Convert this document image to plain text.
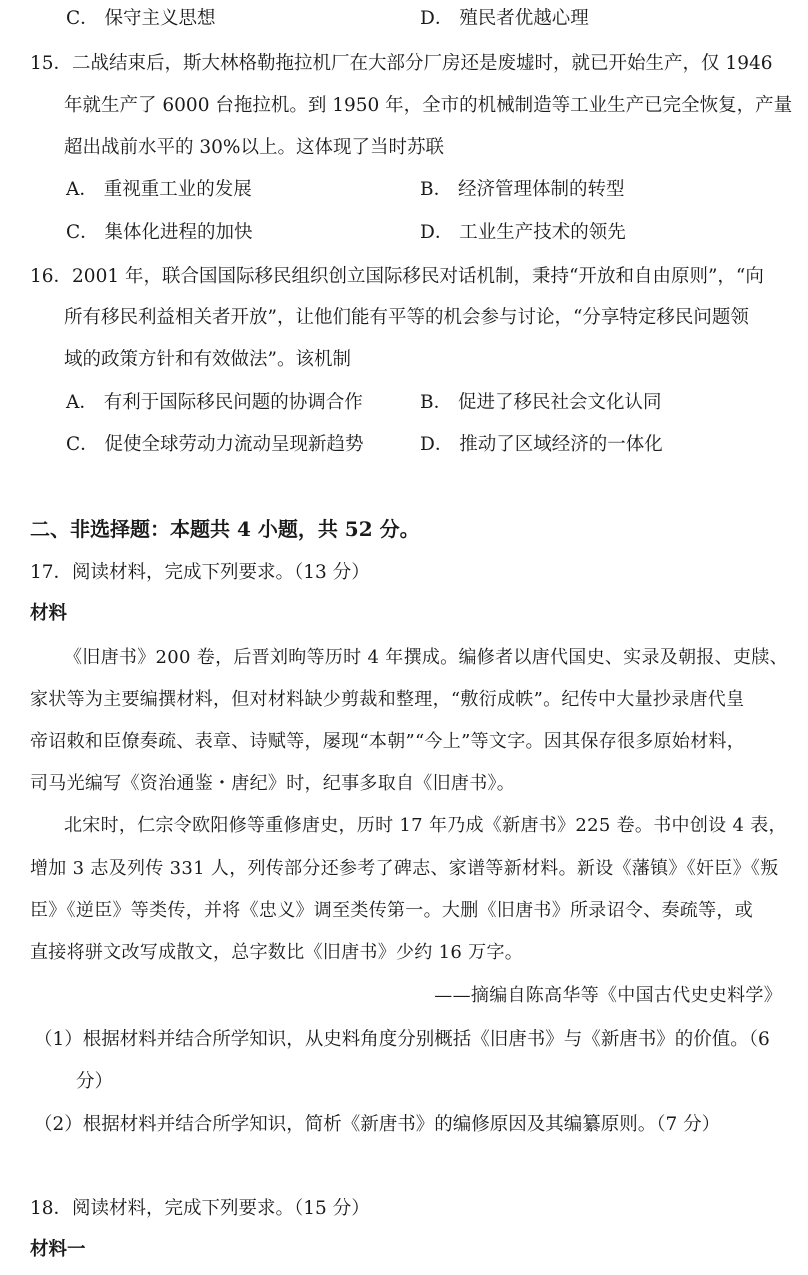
C． 保守主义思想	D． 殖民者优越心理
15．二战结束后，斯大林格勒拖拉机厂在大部分厂房还是废墟时，就已开始生产，仅 1946
年就生产了 6000 台拖拉机。到 1950 年，全市的机械制造等工业生产已完全恢复，产量
超出战前水平的 30%以上。这体现了当时苏联
A． 重视重工业的发展	B． 经济管理体制的转型
C． 集体化进程的加快	D． 工业生产技术的领先
16．2001 年，联合国国际移民组织创立国际移民对话机制，秉持“开放和自由原则”，“向
所有移民利益相关者开放”，让他们能有平等的机会参与讨论，“分享特定移民问题领
域的政策方针和有效做法”。该机制
A． 有利于国际移民问题的协调合作	B． 促进了移民社会文化认同
C． 促使全球劳动力流动呈现新趋势	D． 推动了区域经济的一体化
二、非选择题：本题共 4 小题，共 52 分。
17．阅读材料，完成下列要求。（13 分）
材料
《旧唐书》200 卷，后晋刘昫等历时 4 年撰成。编修者以唐代国史、实录及朝报、吏牍、
家状等为主要编撰材料，但对材料缺少剪裁和整理，“敷衍成帙”。纪传中大量抄录唐代皇
帝诏敕和臣僚奏疏、表章、诗赋等，屡现“本朝”“今上”等文字。因其保存很多原始材料，
司马光编写《资治通鉴・唐纪》时，纪事多取自《旧唐书》。
北宋时，仁宗令欧阳修等重修唐史，历时 17 年乃成《新唐书》225 卷。书中创设 4 表，
增加 3 志及列传 331 人，列传部分还参考了碑志、家谱等新材料。新设《藩镇》《奸臣》《叛
臣》《逆臣》等类传，并将《忠义》调至类传第一。大删《旧唐书》所录诏令、奏疏等，或
直接将骈文改写成散文，总字数比《旧唐书》少约 16 万字。
——摘编自陈高华等《中国古代史史料学》
（1）根据材料并结合所学知识，从史料角度分别概括《旧唐书》与《新唐书》的价值。（6
分）
（2）根据材料并结合所学知识，简析《新唐书》的编修原因及其编纂原则。（7 分）
18．阅读材料，完成下列要求。（15 分）
材料一
